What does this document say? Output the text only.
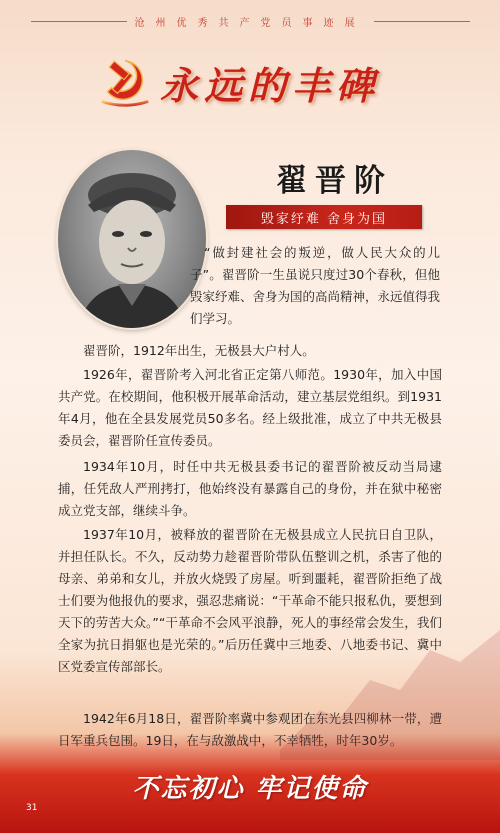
沧州优秀共产党员事迹展
永远的丰碑
翟晋阶
毁家纾难 舍身为国

“做封建社会的叛逆，做人民大众的儿子”。翟晋阶一生虽说只度过30个春秋，但他毁家纾难、舍身为国的高尚精神，永远值得我们学习。

翟晋阶，1912年出生，无极县大户村人。

1926年，翟晋阶考入河北省正定第八师范。1930年，加入中国共产党。在校期间，他积极开展革命活动，建立基层党组织。到1931年4月，他在全县发展党员50多名。经上级批准，成立了中共无极县委员会，翟晋阶任宣传委员。

1934年10月，时任中共无极县委书记的翟晋阶被反动当局逮捕，任凭敌人严刑拷打，他始终没有暴露自己的身份，并在狱中秘密成立党支部，继续斗争。

1937年10月，被释放的翟晋阶在无极县成立人民抗日自卫队，并担任队长。不久，反动势力趁翟晋阶带队伍整训之机，杀害了他的母亲、弟弟和女儿，并放火烧毁了房屋。听到噩耗，翟晋阶拒绝了战士们要为他报仇的要求，强忍悲痛说：“干革命不能只报私仇，要想到天下的劳苦大众。”“干革命不会风平浪静，死人的事经常会发生，我们全家为抗日捐躯也是光荣的。”后历任冀中三地委、八地委书记、冀中区党委宣传部部长。

1942年6月18日，翟晋阶率冀中参观团在东光县四柳林一带，遭日军重兵包围。19日，在与敌激战中，不幸牺牲，时年30岁。

不忘初心 牢记使命
31
